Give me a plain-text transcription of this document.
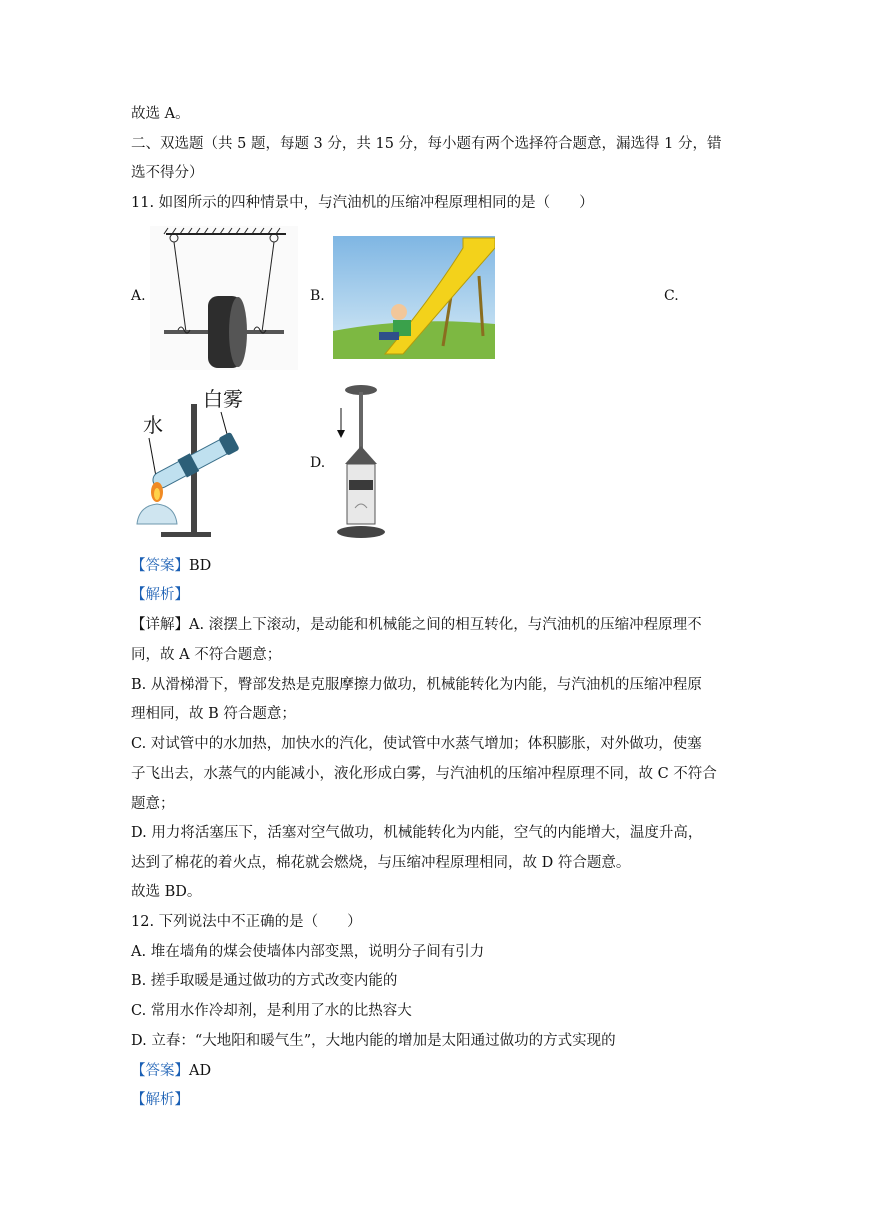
故选 A。
二、双选题（共 5 题，每题 3 分，共 15 分，每小题有两个选择符合题意，漏选得 1 分，错
选不得分）
11. 如图所示的四种情景中，与汽油机的压缩冲程原理相同的是（　　）
A.	B.	C.
D.
白雾
水
【答案】BD
【解析】
【详解】A. 滚摆上下滚动，是动能和机械能之间的相互转化，与汽油机的压缩冲程原理不
同，故 A 不符合题意；
B. 从滑梯滑下，臀部发热是克服摩擦力做功，机械能转化为内能，与汽油机的压缩冲程原
理相同，故 B 符合题意；
C. 对试管中的水加热，加快水的汽化，使试管中水蒸气增加；体积膨胀，对外做功，使塞
子飞出去，水蒸气的内能减小，液化形成白雾，与汽油机的压缩冲程原理不同，故 C 不符合
题意；
D. 用力将活塞压下，活塞对空气做功，机械能转化为内能，空气的内能增大，温度升高，
达到了棉花的着火点，棉花就会燃烧，与压缩冲程原理相同，故 D 符合题意。
故选 BD。
12. 下列说法中不正确的是（　　）
A. 堆在墙角的煤会使墙体内部变黑，说明分子间有引力
B. 搓手取暖是通过做功的方式改变内能的
C. 常用水作冷却剂，是利用了水的比热容大
D. 立春：“大地阳和暖气生”，大地内能的增加是太阳通过做功的方式实现的
【答案】AD
【解析】
